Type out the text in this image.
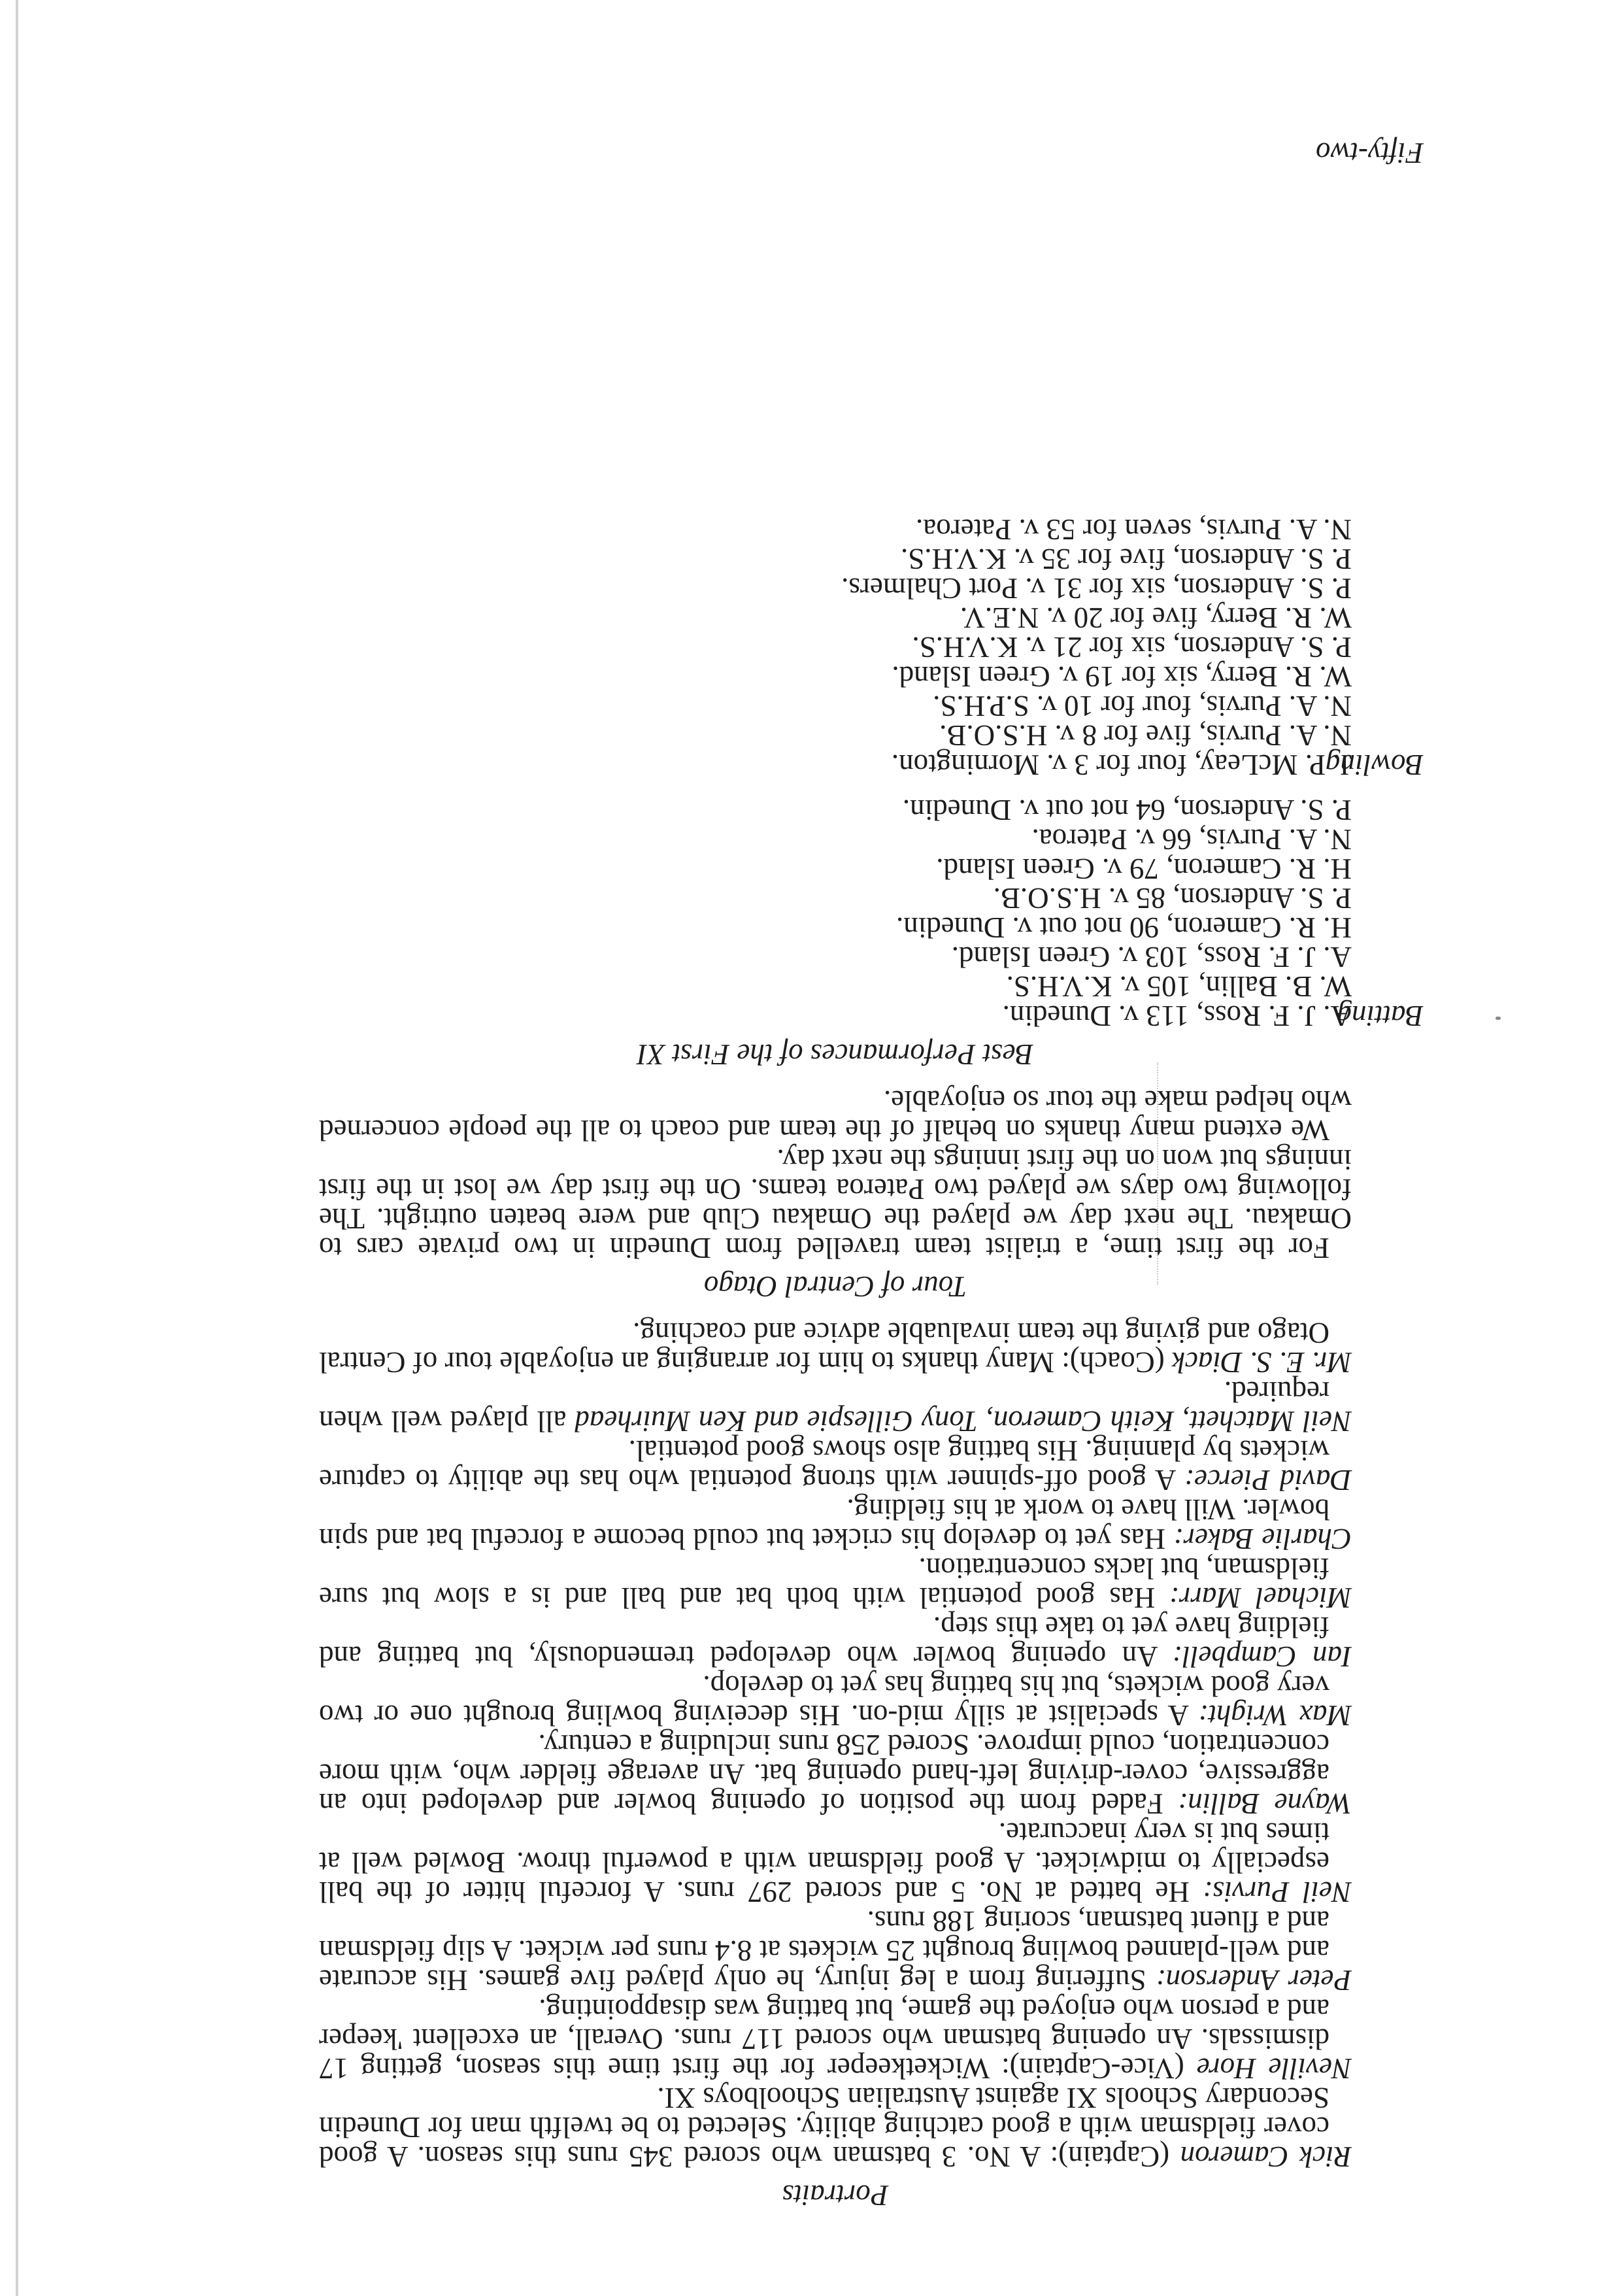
Portraits

Rick Cameron (Captain): A No. 3 batsman who scored 345 runs this season. A good cover fieldsman with a good catching ability. Selected to be twelfth man for Dunedin Secondary Schools XI against Australian Schoolboys XI.

Neville Hore (Vice-Captain): Wicketkeeper for the first time this season, getting 17 dismissals. An opening batsman who scored 117 runs. Overall, an excellent 'keeper and a person who enjoyed the game, but batting was disappointing.

Peter Anderson: Suffering from a leg injury, he only played five games. His accurate and well-planned bowling brought 25 wickets at 8.4 runs per wicket. A slip fieldsman and a fluent batsman, scoring 188 runs.

Neil Purvis: He batted at No. 5 and scored 297 runs. A forceful hitter of the ball especially to midwicket. A good fieldsman with a powerful throw. Bowled well at times but is very inaccurate.

Wayne Ballin: Faded from the position of opening bowler and developed into an aggressive, cover-driving left-hand opening bat. An average fielder who, with more concentration, could improve. Scored 258 runs including a century.

Max Wright: A specialist at silly mid-on. His deceiving bowling brought one or two very good wickets, but his batting has yet to develop.

Ian Campbell: An opening bowler who developed tremendously, but batting and fielding have yet to take this step.

Michael Marr: Has good potential with both bat and ball and is a slow but sure fieldsman, but lacks concentration.

Charlie Baker: Has yet to develop his cricket but could become a forceful bat and spin bowler. Will have to work at his fielding.

David Pierce: A good off-spinner with strong potential who has the ability to capture wickets by planning. His batting also shows good potential.

Neil Matchett, Keith Cameron, Tony Gillespie and Ken Muirhead all played well when required.

Mr. E. S. Diack (Coach): Many thanks to him for arranging an enjoyable tour of Central Otago and giving the team invaluable advice and coaching.

Tour of Central Otago

For the first time, a trialist team travelled from Dunedin in two private cars to Omakau. The next day we played the Omakau Club and were beaten outright. The following two days we played two Pateroa teams. On the first day we lost in the first innings but won on the first innings the next day.

We extend many thanks on behalf of the team and coach to all the people concerned who helped make the tour so enjoyable.

Best Performances of the First XI
Batting
A. J. F. Ross, 113 v. Dunedin.
W. B. Ballin, 105 v. K.V.H.S.
A. J. F. Ross, 103 v. Green Island.
H. R. Cameron, 90 not out v. Dunedin.
P. S. Anderson, 85 v. H.S.O.B.
H. R. Cameron, 79 v. Green Island.
N. A. Purvis, 66 v. Pateroa.
P. S. Anderson, 64 not out v. Dunedin.
Bowling
J. P. McLeay, four for 3 v. Mornington.
N. A. Purvis, five for 8 v. H.S.O.B.
N. A. Purvis, four for 10 v. S.P.H.S.
W. R. Berry, six for 19 v. Green Island.
P. S. Anderson, six for 21 v. K.V.H.S.
W. R. Berry, five for 20 v. N.E.V.
P. S. Anderson, six for 31 v. Port Chalmers.
P. S. Anderson, five for 35 v. K.V.H.S.
N. A. Purvis, seven for 53 v. Pateroa.
Fifty-two
